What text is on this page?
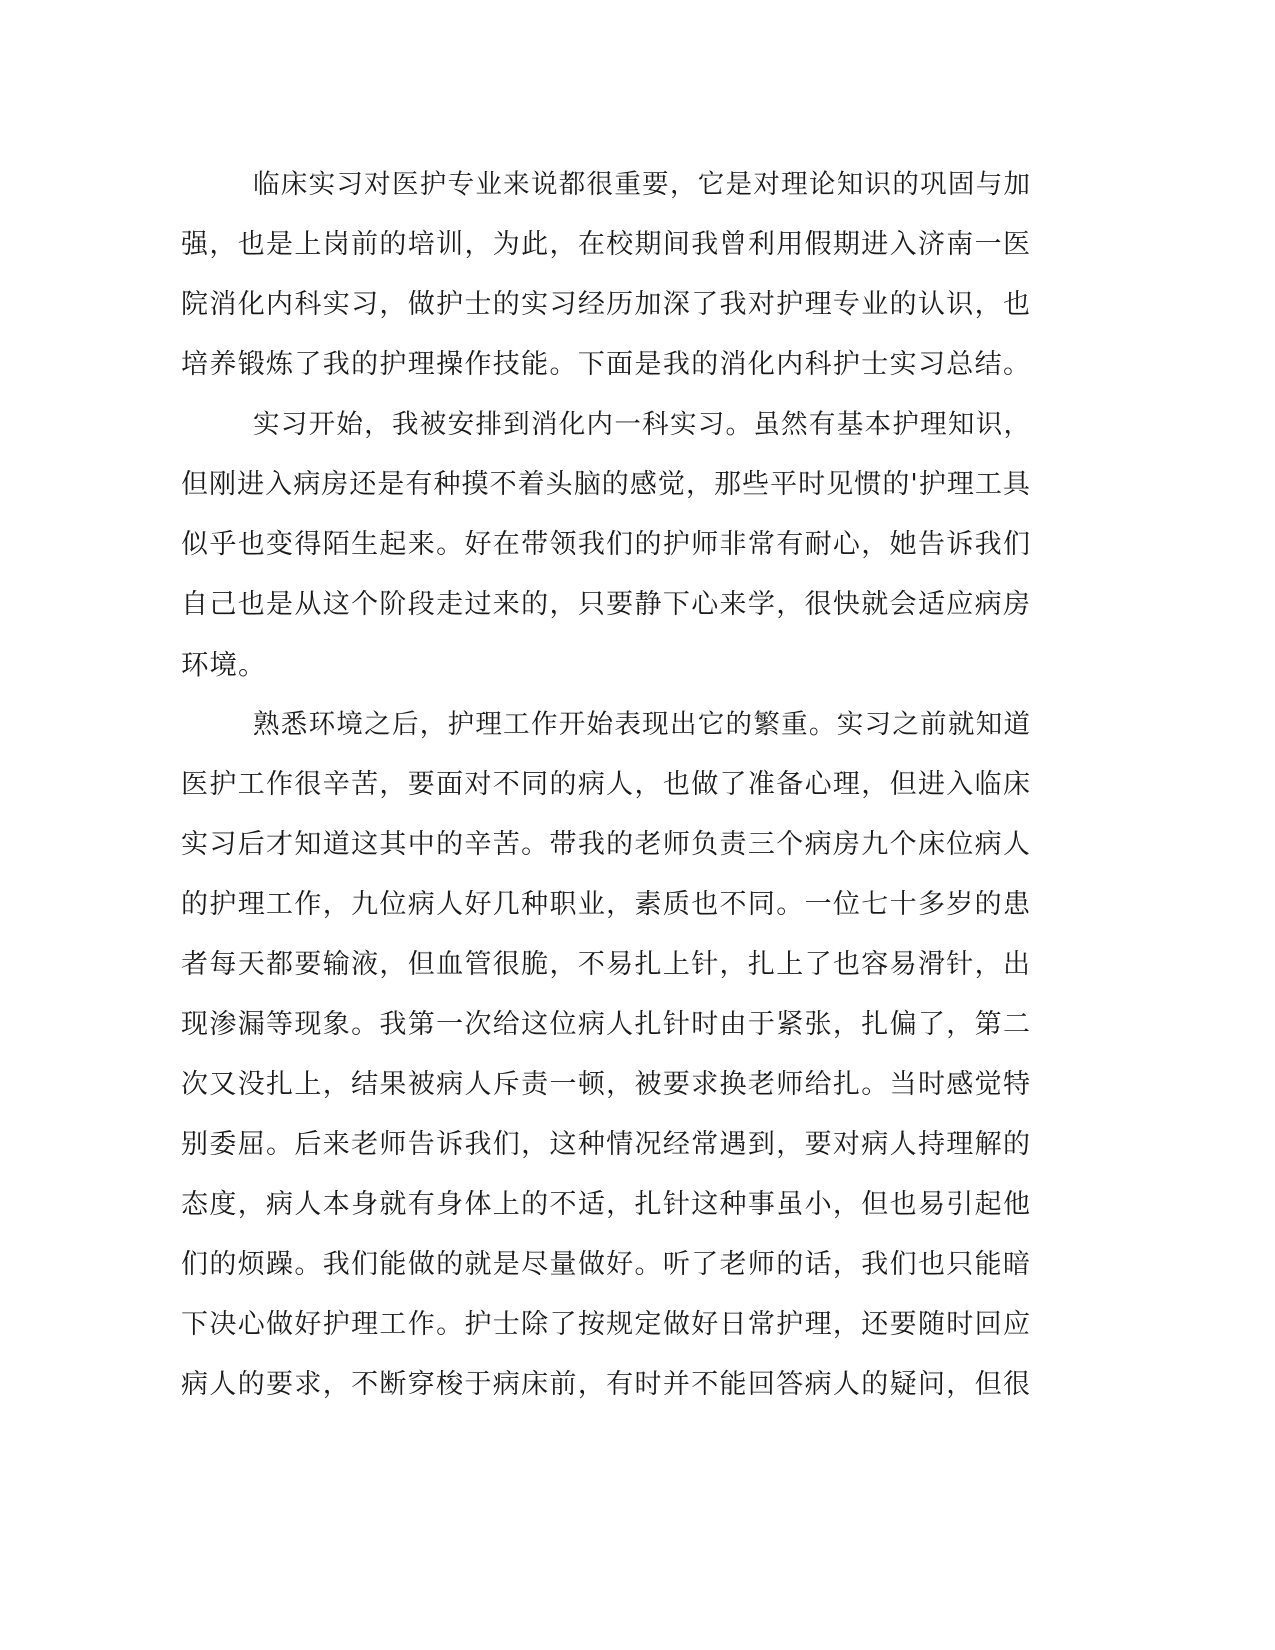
临床实习对医护专业来说都很重要，它是对理论知识的巩固与加
强，也是上岗前的培训，为此，在校期间我曾利用假期进入济南一医
院消化内科实习，做护士的实习经历加深了我对护理专业的认识，也
培养锻炼了我的护理操作技能。下面是我的消化内科护士实习总结。
实习开始，我被安排到消化内一科实习。虽然有基本护理知识，
但刚进入病房还是有种摸不着头脑的感觉，那些平时见惯的'护理工具
似乎也变得陌生起来。好在带领我们的护师非常有耐心，她告诉我们
自己也是从这个阶段走过来的，只要静下心来学，很快就会适应病房
环境。
熟悉环境之后，护理工作开始表现出它的繁重。实习之前就知道
医护工作很辛苦，要面对不同的病人，也做了准备心理，但进入临床
实习后才知道这其中的辛苦。带我的老师负责三个病房九个床位病人
的护理工作，九位病人好几种职业，素质也不同。一位七十多岁的患
者每天都要输液，但血管很脆，不易扎上针，扎上了也容易滑针，出
现渗漏等现象。我第一次给这位病人扎针时由于紧张，扎偏了，第二
次又没扎上，结果被病人斥责一顿，被要求换老师给扎。当时感觉特
别委屈。后来老师告诉我们，这种情况经常遇到，要对病人持理解的
态度，病人本身就有身体上的不适，扎针这种事虽小，但也易引起他
们的烦躁。我们能做的就是尽量做好。听了老师的话，我们也只能暗
下决心做好护理工作。护士除了按规定做好日常护理，还要随时回应
病人的要求，不断穿梭于病床前，有时并不能回答病人的疑问，但很
